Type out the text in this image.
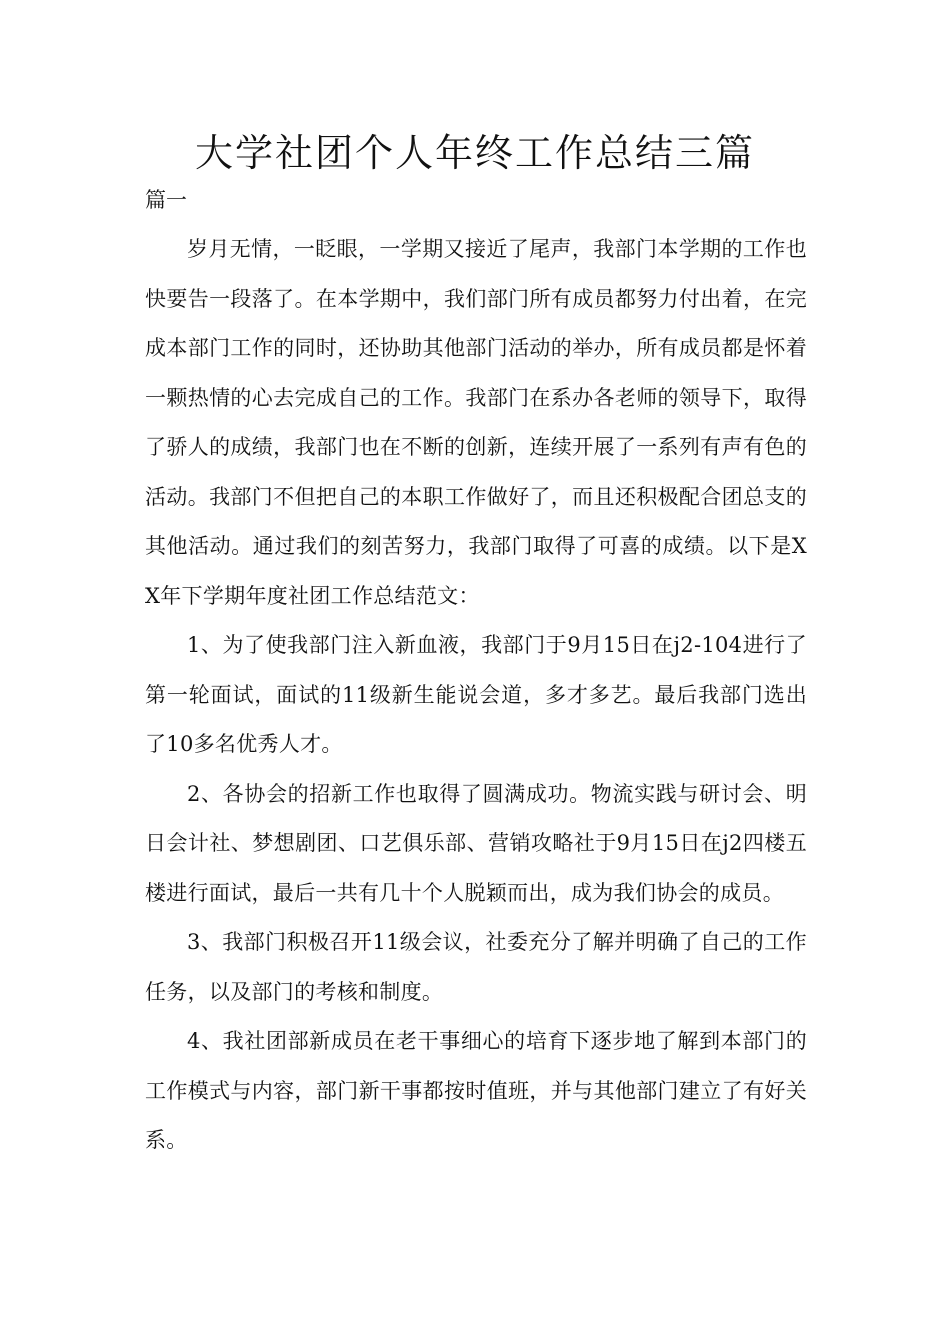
大学社团个人年终工作总结三篇

篇一

岁月无情，一眨眼，一学期又接近了尾声，我部门本学期的工作也快要告一段落了。在本学期中，我们部门所有成员都努力付出着，在完成本部门工作的同时，还协助其他部门活动的举办，所有成员都是怀着一颗热情的心去完成自己的工作。我部门在系办各老师的领导下，取得了骄人的成绩，我部门也在不断的创新，连续开展了一系列有声有色的活动。我部门不但把自己的本职工作做好了，而且还积极配合团总支的其他活动。通过我们的刻苦努力，我部门取得了可喜的成绩。以下是XX年下学期年度社团工作总结范文：

1、为了使我部门注入新血液，我部门于9月15日在j2-104进行了第一轮面试，面试的11级新生能说会道，多才多艺。最后我部门选出了10多名优秀人才。

2、各协会的招新工作也取得了圆满成功。物流实践与研讨会、明日会计社、梦想剧团、口艺俱乐部、营销攻略社于9月15日在j2四楼五楼进行面试，最后一共有几十个人脱颖而出，成为我们协会的成员。

3、我部门积极召开11级会议，社委充分了解并明确了自己的工作任务，以及部门的考核和制度。

4、我社团部新成员在老干事细心的培育下逐步地了解到本部门的工作模式与内容，部门新干事都按时值班，并与其他部门建立了有好关系。
